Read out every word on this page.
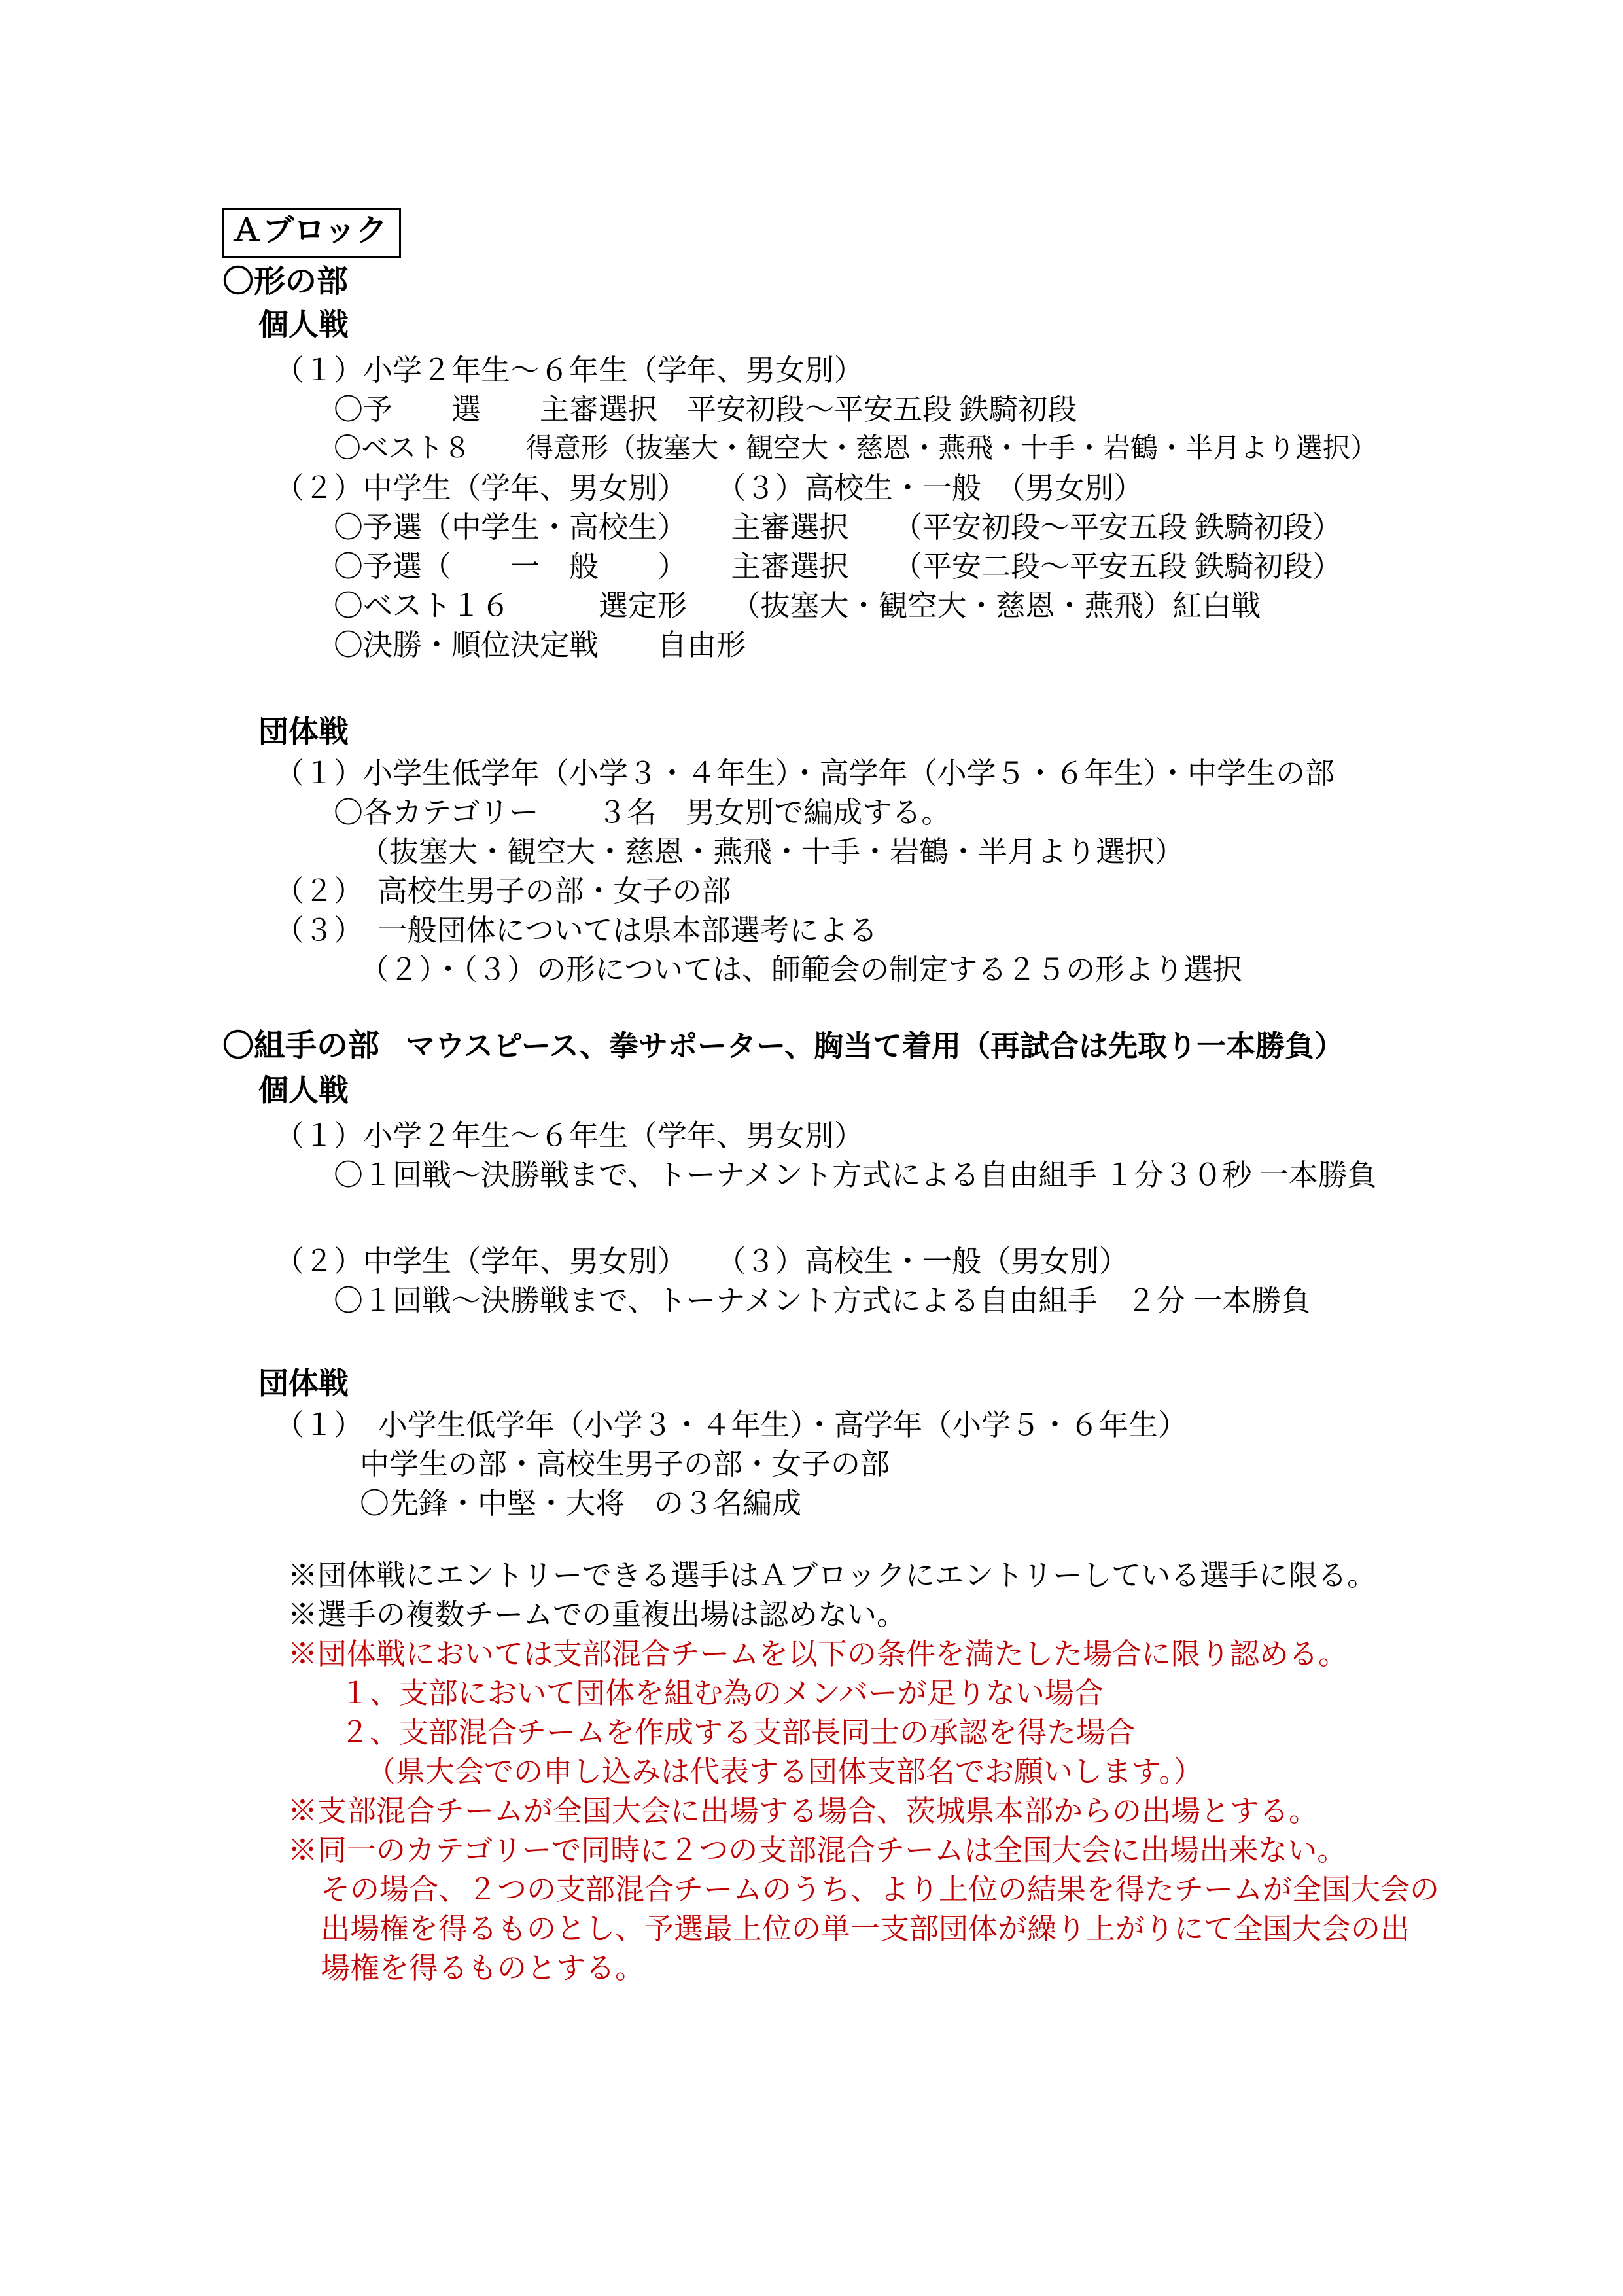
Ａブロック
〇形の部
個人戦
（１）小学２年生～６年生（学年、男女別）
〇予　　選　　主審選択　平安初段～平安五段 鉄騎初段
〇ベスト８　　得意形（抜塞大・観空大・慈恩・燕飛・十手・岩鶴・半月より選択）
（２）中学生（学年、男女別）　　（３）高校生・一般　（男女別）
〇予選（中学生・高校生）　　主審選択　　（平安初段～平安五段 鉄騎初段）
〇予選（　　一　般　　）　　主審選択　　（平安二段～平安五段 鉄騎初段）
〇ベスト１６　　　選定形　　（抜塞大・観空大・慈恩・燕飛）紅白戦
〇決勝・順位決定戦　　自由形
団体戦
（１）小学生低学年（小学３・４年生）・高学年（小学５・６年生）・中学生の部
〇各カテゴリー　　３名　男女別で編成する。
（抜塞大・観空大・慈恩・燕飛・十手・岩鶴・半月より選択）
（２）　高校生男子の部・女子の部
（３）　一般団体については県本部選考による
（２）・（３）の形については、師範会の制定する２５の形より選択
〇組手の部 マウスピース、拳サポーター、胸当て着用（再試合は先取り一本勝負）
個人戦
（１）小学２年生～６年生（学年、男女別）
〇１回戦～決勝戦まで、トーナメント方式による自由組手 １分３０秒 一本勝負
（２）中学生（学年、男女別）　　（３）高校生・一般（男女別）
〇１回戦～決勝戦まで、トーナメント方式による自由組手　２分 一本勝負
団体戦
（１）　小学生低学年（小学３・４年生）・高学年（小学５・６年生）
中学生の部・高校生男子の部・女子の部
〇先鋒・中堅・大将　の３名編成
※団体戦にエントリーできる選手はＡブロックにエントリーしている選手に限る。
※選手の複数チームでの重複出場は認めない。
※団体戦においては支部混合チームを以下の条件を満たした場合に限り認める。
１、支部において団体を組む為のメンバーが足りない場合
２、支部混合チームを作成する支部長同士の承認を得た場合
（県大会での申し込みは代表する団体支部名でお願いします。）
※支部混合チームが全国大会に出場する場合、茨城県本部からの出場とする。
※同一のカテゴリーで同時に２つの支部混合チームは全国大会に出場出来ない。
その場合、２つの支部混合チームのうち、より上位の結果を得たチームが全国大会の
出場権を得るものとし、予選最上位の単一支部団体が繰り上がりにて全国大会の出
場権を得るものとする。
